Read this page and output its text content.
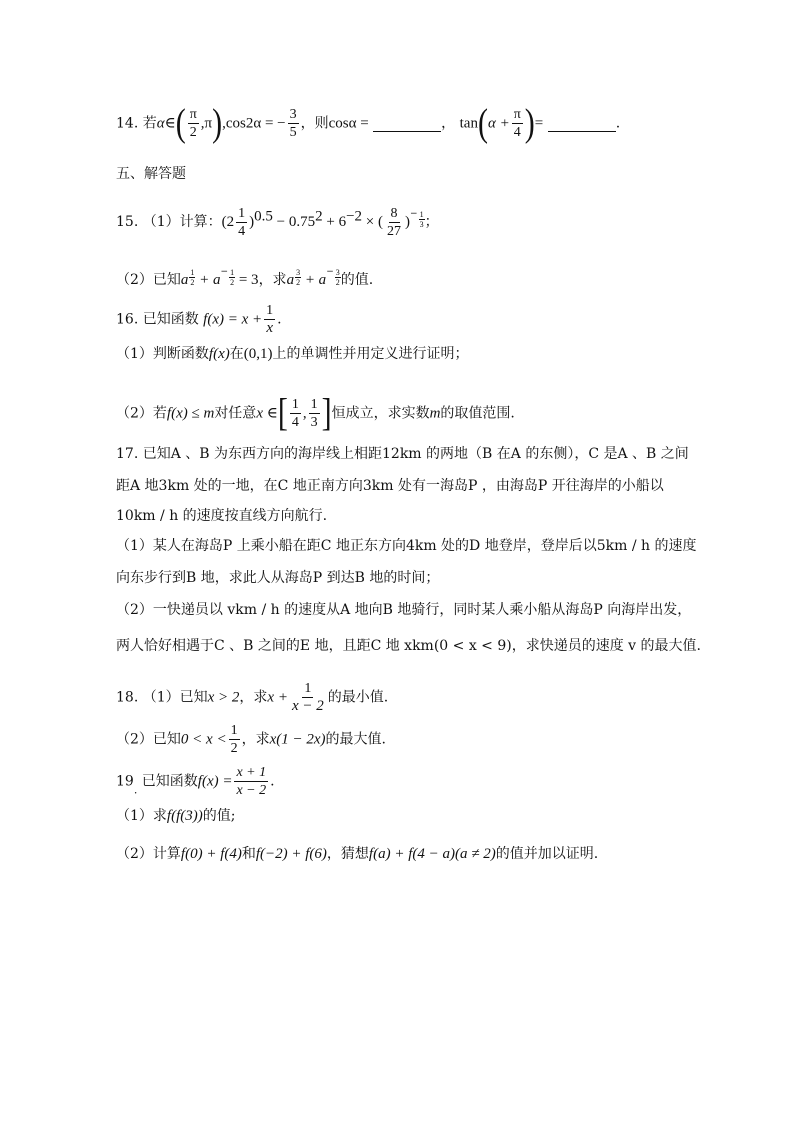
14. 若α∈( $\frac{\pi}{2} ,\pi),\cos 2\alpha$ = − $\frac{3}{5}$ ，则cosα =	， $\tan(\alpha + \frac{\pi}{4}$ )=	.
五、解答题
15. （1）计算：$(2 \frac{1}{4} )^{0.5} - 0.75^2 + 6^{-2}$ × ( $\frac{8}{27} )^- \frac{1}{3}$ ；
（2）已知a $\frac{1}{2} + a^- \frac{1}{2} = 3$，求a $\frac{3}{2} + a^- \frac{3}{2}$ 的值.
16. 已知函数 $f(x) = x + \frac{1}{x}$ .
（1）判断函数f(x)在(0,1)上的单调性并用定义进行证明；
（2）若f(x) ≤ m对任意x ∈[ $\frac{1}{4}$ , $\frac{1}{3}$ ]恒成立，求实数m的取值范围.
17. 已知A 、B 为东西方向的海岸线上相距12km 的两地（B 在A 的东侧），C 是A 、B 之间
距A 地3km 处的一地，在C 地正南方向3km 处有一海岛P ，由海岛P 开往海岸的小船以
10km / h 的速度按直线方向航行.
（1）某人在海岛P 上乘小船在距C 地正东方向4km 处的D 地登岸，登岸后以5km / h 的速度
向东步行到B 地，求此人从海岛P 到达B 地的时间；
（2）一快递员以 vkm / h 的速度从A 地向B 地骑行，同时某人乘小船从海岛P 向海岸出发，
两人恰好相遇于C 、B 之间的E 地，且距C 地 xkm(0 < x < 9)，求快递员的速度 v 的最大值.
18. （1）已知x > 2，求$x + \frac{1}{x - 2}$ 的最小值.
（2）已知$0 < x < \frac{1}{2}$ ，求x(1 − 2x)的最大值.
$19_.$ 已知函数$f(x) = \frac{x + 1}{x - 2}$ .
（1）求f(f(3))的值;
（2）计算f(0) + f(4)和f(−2) + f(6)，猜想f(a) + f(4 − a)(a ≠ 2)的值并加以证明.
